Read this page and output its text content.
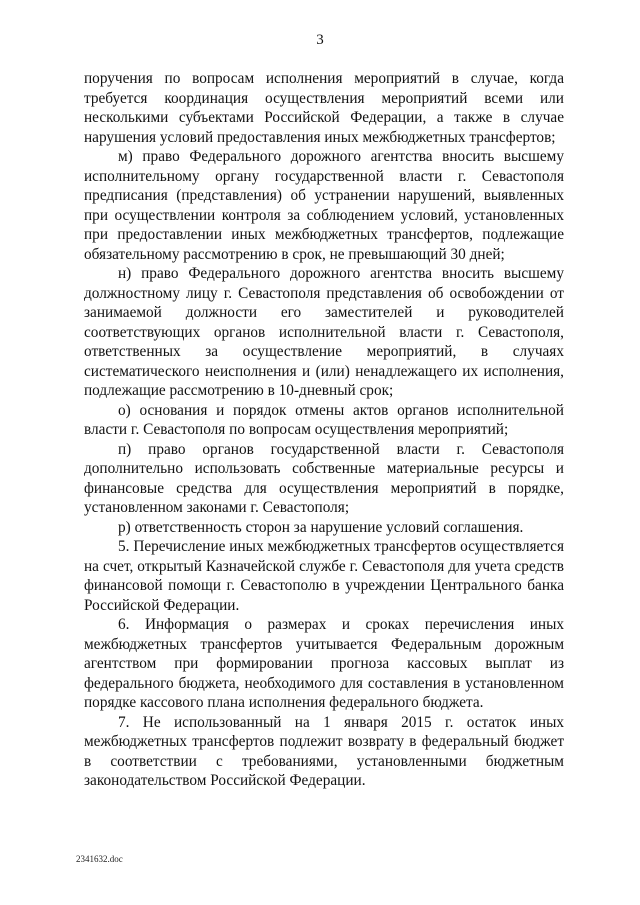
3

поручения по вопросам исполнения мероприятий в случае, когда требуется координация осуществления мероприятий всеми или несколькими субъектами Российской Федерации, а также в случае нарушения условий предоставления иных межбюджетных трансфертов;

м) право Федерального дорожного агентства вносить высшему исполнительному органу государственной власти г. Севастополя предписания (представления) об устранении нарушений, выявленных при осуществлении контроля за соблюдением условий, установленных при предоставлении иных межбюджетных трансфертов, подлежащие обязательному рассмотрению в срок, не превышающий 30 дней;

н) право Федерального дорожного агентства вносить высшему должностному лицу г. Севастополя представления об освобождении от занимаемой должности его заместителей и руководителей соответствующих органов исполнительной власти г. Севастополя, ответственных за осуществление мероприятий, в случаях систематического неисполнения и (или) ненадлежащего их исполнения, подлежащие рассмотрению в 10-дневный срок;

о) основания и порядок отмены актов органов исполнительной власти г. Севастополя по вопросам осуществления мероприятий;

п) право органов государственной власти г. Севастополя дополнительно использовать собственные материальные ресурсы и финансовые средства для осуществления мероприятий в порядке, установленном законами г. Севастополя;

р) ответственность сторон за нарушение условий соглашения.

5. Перечисление иных межбюджетных трансфертов осуществляется на счет, открытый Казначейской службе г. Севастополя для учета средств финансовой помощи г. Севастополю в учреждении Центрального банка Российской Федерации.

6. Информация о размерах и сроках перечисления иных межбюджетных трансфертов учитывается Федеральным дорожным агентством при формировании прогноза кассовых выплат из федерального бюджета, необходимого для составления в установленном порядке кассового плана исполнения федерального бюджета.

7. Не использованный на 1 января 2015 г. остаток иных межбюджетных трансфертов подлежит возврату в федеральный бюджет в соответствии с требованиями, установленными бюджетным законодательством Российской Федерации.

2341632.doc
